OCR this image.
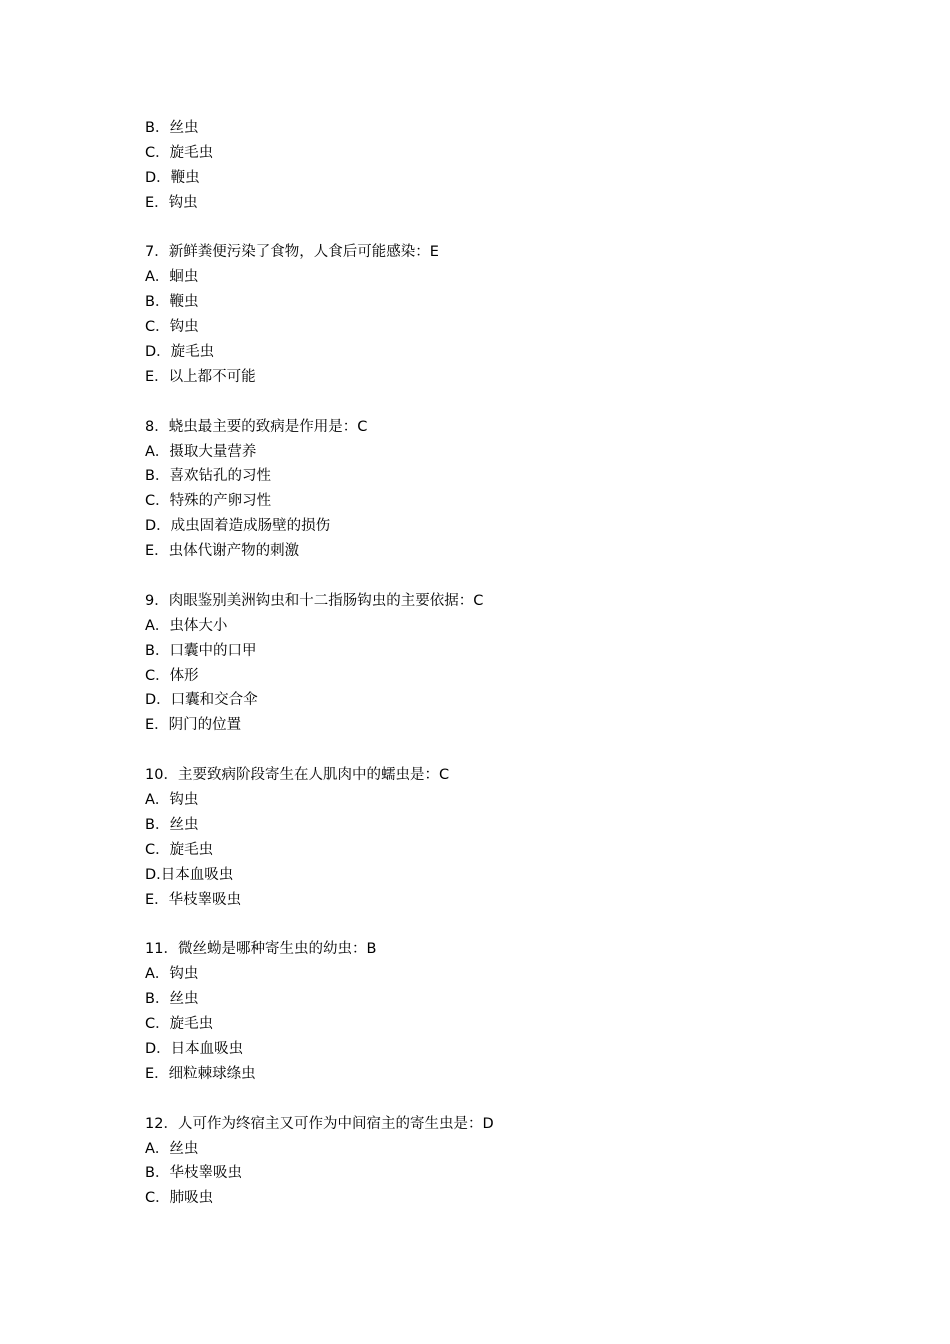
B．丝虫
C．旋毛虫
D．鞭虫
E．钩虫
7．新鲜粪便污染了食物，人食后可能感染：E
A．蛔虫
B．鞭虫
C．钩虫
D．旋毛虫
E．以上都不可能
8．蛲虫最主要的致病是作用是：C
A．摄取大量营养
B．喜欢钻孔的习性
C．特殊的产卵习性
D．成虫固着造成肠壁的损伤
E．虫体代谢产物的刺激
9．肉眼鉴别美洲钩虫和十二指肠钩虫的主要依据：C
A．虫体大小
B．口囊中的口甲
C．体形
D．口囊和交合伞
E．阴门的位置
10．主要致病阶段寄生在人肌肉中的蠕虫是：C
A．钩虫
B．丝虫
C．旋毛虫
D.日本血吸虫
E．华枝睾吸虫
11．微丝蚴是哪种寄生虫的幼虫：B
A．钩虫
B．丝虫
C．旋毛虫
D．日本血吸虫
E．细粒棘球绦虫
12．人可作为终宿主又可作为中间宿主的寄生虫是：D
A．丝虫
B．华枝睾吸虫
C．肺吸虫
